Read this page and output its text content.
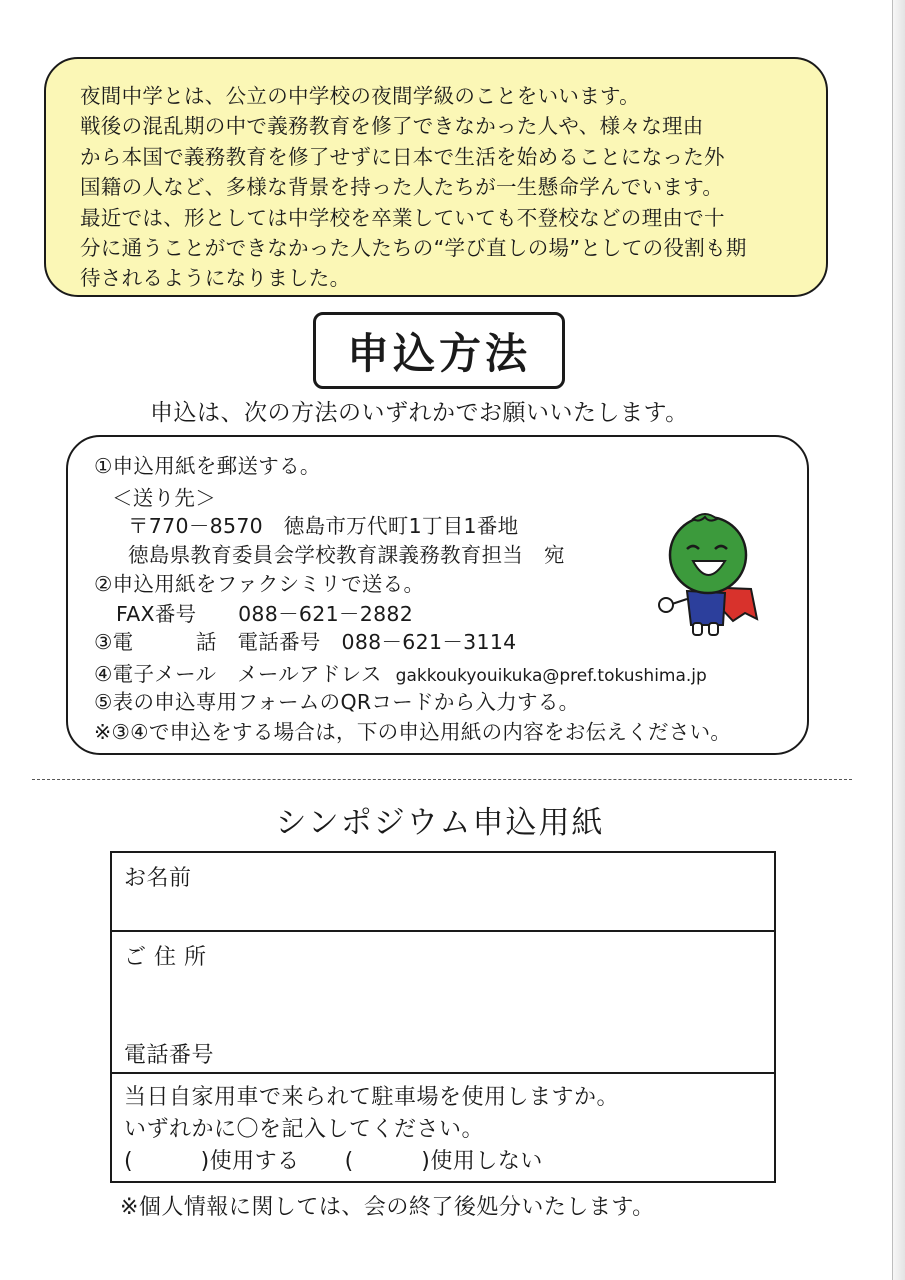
夜間中学とは、公立の中学校の夜間学級のことをいいます。
戦後の混乱期の中で義務教育を修了できなかった人や、様々な理由
から本国で義務教育を修了せずに日本で生活を始めることになった外
国籍の人など、多様な背景を持った人たちが一生懸命学んでいます。
最近では、形としては中学校を卒業していても不登校などの理由で十
分に通うことができなかった人たちの“学び直しの場”としての役割も期
待されるようになりました。
申込方法
申込は、次の方法のいずれかでお願いいたします。
①申込用紙を郵送する。
＜送り先＞
〒770－8570　徳島市万代町1丁目1番地
徳島県教育委員会学校教育課義務教育担当　宛
②申込用紙をファクシミリで送る。
FAX番号　　088－621－2882
③電　　　話　電話番号　088－621－3114
④電子メール　メールアドレス gakkoukyouikuka@pref.tokushima.jp
⑤表の申込専用フォームのQRコードから入力する。
※③④で申込をする場合は，下の申込用紙の内容をお伝えください。
シンポジウム申込用紙
お名前
ご 住 所
電話番号
当日自家用車で来られて駐車場を使用しますか。
いずれかに〇を記入してください。
(　　　)使用する　　(　　　)使用しない
※個人情報に関しては、会の終了後処分いたします。
